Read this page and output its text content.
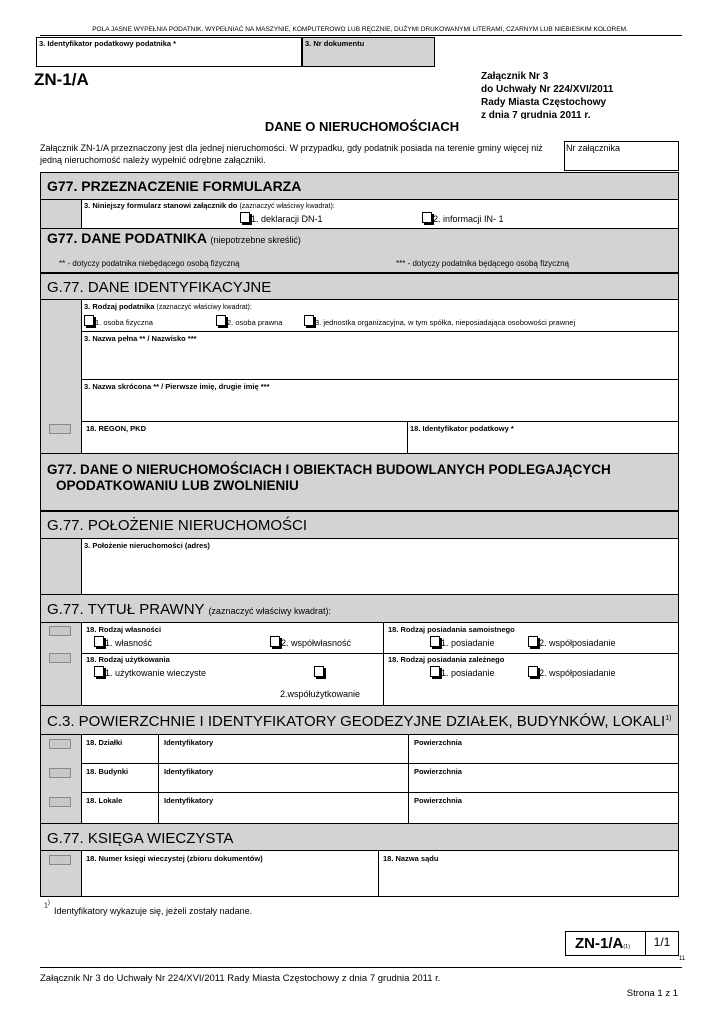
POLA JASNE WYPEŁNIA PODATNIK. WYPEŁNIAĆ NA MASZYNIE, KOMPUTEROWO LUB RĘCZNIE, DUŻYMI DRUKOWANYMI LITERAMI, CZARNYM LUB NIEBIESKIM KOLOREM.
3. Identyfikator podatkowy podatnika *	3. Nr dokumentu
ZN-1/A	Załącznik Nr 3
do Uchwały Nr 224/XVI/2011
Rady Miasta Częstochowy
z dnia 7 grudnia 2011 r.
DANE O NIERUCHOMOŚCIACH
Załącznik ZN-1/A przeznaczony jest dla jednej nieruchomości. W przypadku, gdy podatnik posiada na terenie gminy więcej niż jedną nieruchomość należy wypełnić odrębne załączniki.
Nr załącznika
G77. PRZEZNACZENIE FORMULARZA
3. Niniejszy formularz stanowi załącznik do (zaznaczyć właściwy kwadrat):
1. deklaracji DN-1	2. informacji IN- 1
G77. DANE PODATNIKA (niepotrzebne skreślić)
** - dotyczy podatnika niebędącego osobą fizyczną	*** - dotyczy podatnika będącego osobą fizyczną
G.77. DANE IDENTYFIKACYJNE
3. Rodzaj podatnika (zaznaczyć właściwy kwadrat):
1. osoba fizyczna	2. osoba prawna	3. jednostka organizacyjna, w tym spółka, nieposiadająca osobowości prawnej
3. Nazwa pełna ** / Nazwisko ***
3. Nazwa skrócona ** / Pierwsze imię, drugie imię ***
18. REGON, PKD	18. Identyfikator podatkowy *
G77. DANE O NIERUCHOMOŚCIACH I OBIEKTACH BUDOWLANYCH PODLEGAJĄCYCH
OPODATKOWANIU LUB ZWOLNIENIU
G.77. POŁOŻENIE NIERUCHOMOŚCI
3. Położenie nieruchomości (adres)
G.77. TYTUŁ PRAWNY (zaznaczyć właściwy kwadrat):
18. Rodzaj własności
1. własność	2. współwłasność
18. Rodzaj posiadania samoistnego
1. posiadanie	2. współposiadanie
18. Rodzaj użytkowania
1. użytkowanie wieczyste
2.współużytkowanie
18. Rodzaj posiadania zależnego
1. posiadanie	2. współposiadanie
C.3. POWIERZCHNIE I IDENTYFIKATORY GEODEZYJNE DZIAŁEK, BUDYNKÓW, LOKALI$^{1)}$
18. Działki	Identyfikatory	Powierzchnia
18. Budynki	Identyfikatory	Powierzchnia
18. Lokale	Identyfikatory	Powierzchnia
G.77. KSIĘGA WIECZYSTA
18. Numer księgi wieczystej (zbioru dokumentów)	18. Nazwa sądu
1)
Identyfikatory wykazuje się, jeżeli zostały nadane.
ZN-1/A(1)	1/1
11
Załącznik Nr 3 do Uchwały Nr 224/XVI/2011 Rady Miasta Częstochowy z dnia 7 grudnia 2011 r.
Strona 1 z 1
